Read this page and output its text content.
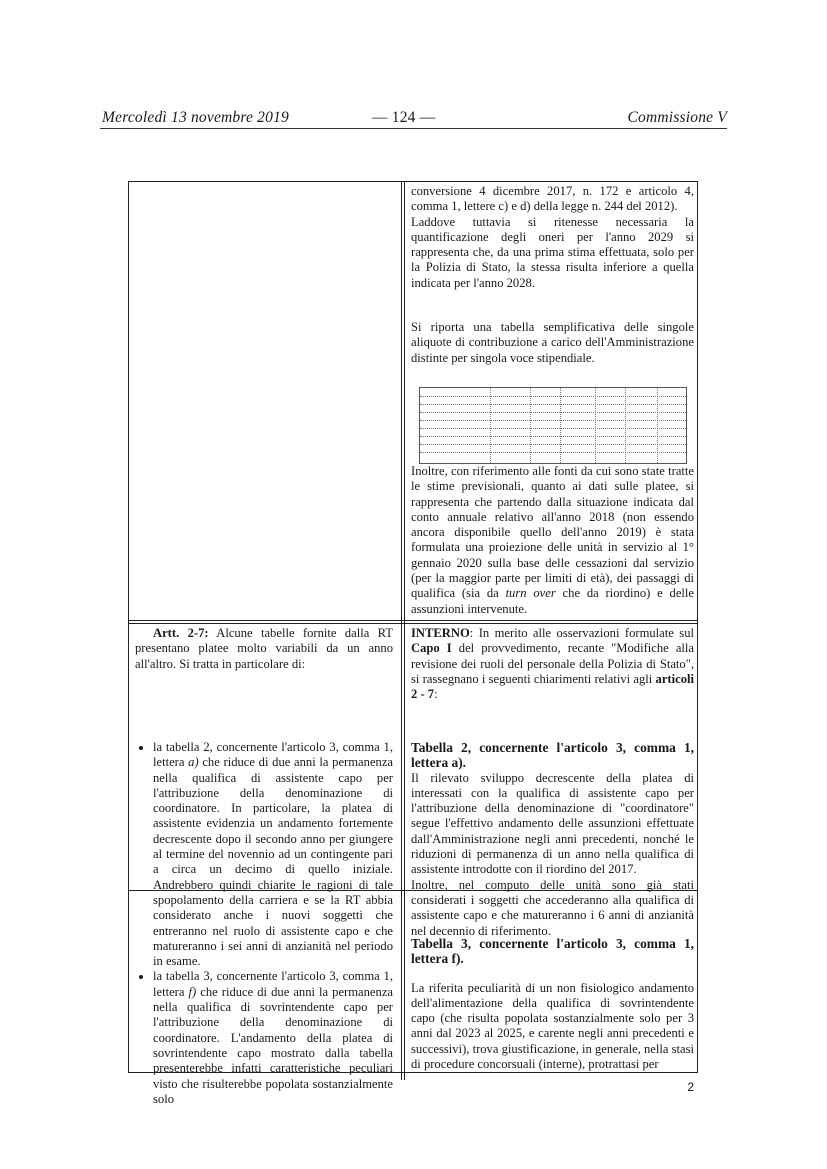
Mercoledì 13 novembre 2019	— 124 —	Commissione V

conversione 4 dicembre 2017, n. 172 e articolo 4, comma 1, lettere c) e d) della legge n. 244 del 2012).

Laddove tuttavia si ritenesse necessaria la quantificazione degli oneri per l'anno 2029 si rappresenta che, da una prima stima effettuata, solo per la Polizia di Stato, la stessa risulta inferiore a quella indicata per l'anno 2028.

Si riporta una tabella semplificativa delle singole aliquote di contribuzione a carico dell'Amministrazione distinte per singola voce stipendiale.

Inoltre, con riferimento alle fonti da cui sono state tratte le stime previsionali, quanto ai dati sulle platee, si rappresenta che partendo dalla situazione indicata dal conto annuale relativo all'anno 2018 (non essendo ancora disponibile quello dell'anno 2019) è stata formulata una proiezione delle unità in servizio al 1° gennaio 2020 sulla base delle cessazioni dal servizio (per la maggior parte per limiti di età), dei passaggi di qualifica (sia da turn over che da riordino) e delle assunzioni intervenute.

Artt. 2-7: Alcune tabelle fornite dalla RT presentano platee molto variabili da un anno all'altro. Si tratta in particolare di:

• la tabella 2, concernente l'articolo 3, comma 1, lettera a) che riduce di due anni la permanenza nella qualifica di assistente capo per l'attribuzione della denominazione di coordinatore. In particolare, la platea di assistente evidenzia un andamento fortemente decrescente dopo il secondo anno per giungere al termine del novennio ad un contingente pari a circa un decimo di quello iniziale. Andrebbero quindi chiarite le ragioni di tale spopolamento della carriera e se la RT abbia considerato anche i nuovi soggetti che entreranno nel ruolo di assistente capo e che matureranno i sei anni di anzianità nel periodo in esame.
• la tabella 3, concernente l'articolo 3, comma 1, lettera f) che riduce di due anni la permanenza nella qualifica di sovrintendente capo per l'attribuzione della denominazione di coordinatore. L'andamento della platea di sovrintendente capo mostrato dalla tabella presenterebbe infatti caratteristiche peculiari visto che risulterebbe popolata sostanzialmente solo

INTERNO: In merito alle osservazioni formulate sul Capo I del provvedimento, recante "Modifiche alla revisione dei ruoli del personale della Polizia di Stato", si rassegnano i seguenti chiarimenti relativi agli articoli 2 - 7:

Tabella 2, concernente l'articolo 3, comma 1, lettera a).

Il rilevato sviluppo decrescente della platea di interessati con la qualifica di assistente capo per l'attribuzione della denominazione di "coordinatore" segue l'effettivo andamento delle assunzioni effettuate dall'Amministrazione negli anni precedenti, nonché le riduzioni di permanenza di un anno nella qualifica di assistente introdotte con il riordino del 2017.

Inoltre, nel computo delle unità sono già stati considerati i soggetti che accederanno alla qualifica di assistente capo e che matureranno i 6 anni di anzianità nel decennio di riferimento.

Tabella 3, concernente l'articolo 3, comma 1, lettera f).

La riferita peculiarità di un non fisiologico andamento dell'alimentazione della qualifica di sovrintendente capo (che risulta popolata sostanzialmente solo per 3 anni dal 2023 al 2025, e carente negli anni precedenti e successivi), trova giustificazione, in generale, nella stasi di procedure concorsuali (interne), protrattasi per

2
